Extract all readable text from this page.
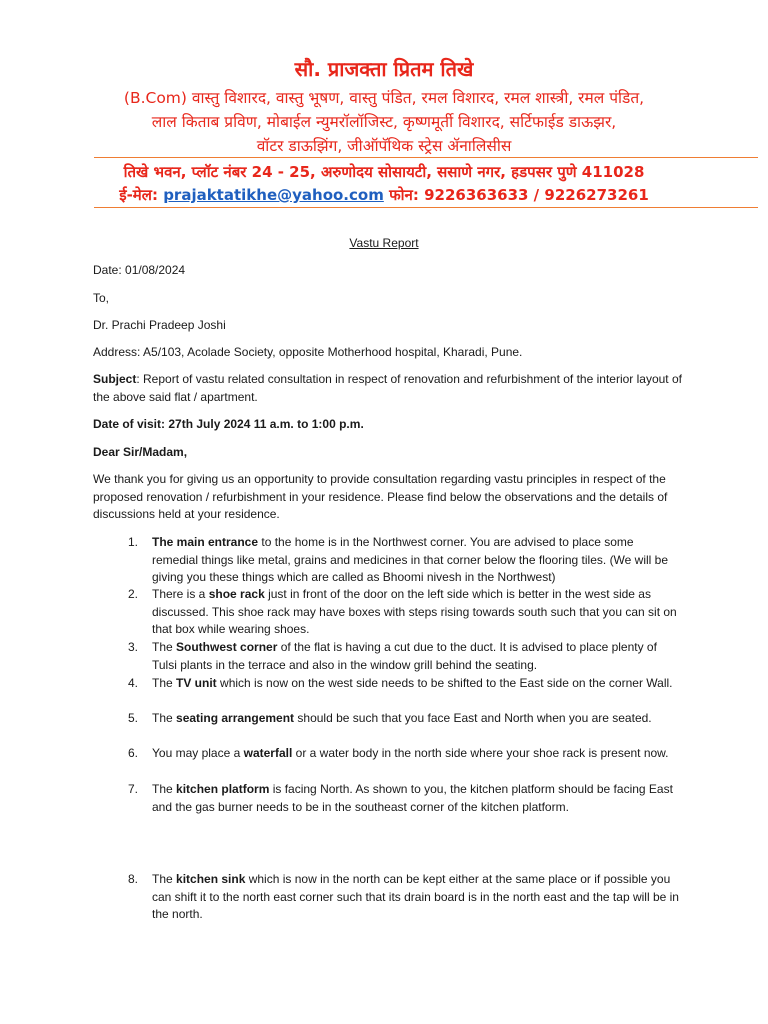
सौ. प्राजक्ता प्रितम तिखे
(B.Com) वास्तु विशारद, वास्तु भूषण, वास्तु पंडित, रमल विशारद, रमल शास्त्री, रमल पंडित,
लाल किताब प्रविण, मोबाईल न्युमरॉलॉजिस्ट, कृष्णमूर्ती विशारद, सर्टिफाईड डाऊझर,
वॉटर डाऊझिंग, जीऑपॅथिक स्ट्रेस ॲनालिसीस
तिखे भवन, प्लॉट नंबर 24 - 25, अरुणोदय सोसायटी, ससाणे नगर, हडपसर पुणे 411028
ई-मेल: prajaktatikhe@yahoo.com फोन: 9226363633 / 9226273261
Vastu Report
Date: 01/08/2024
To,
Dr. Prachi Pradeep Joshi
Address: A5/103, Acolade Society, opposite Motherhood hospital, Kharadi, Pune.
Subject: Report of vastu related consultation in respect of renovation and refurbishment of the interior layout of the above said flat / apartment.
Date of visit: 27th July 2024 11 a.m. to 1:00 p.m.
Dear Sir/Madam,
We thank you for giving us an opportunity to provide consultation regarding vastu principles in respect of the proposed renovation / refurbishment in your residence. Please find below the observations and the details of discussions held at your residence.
1.	The main entrance to the home is in the Northwest corner. You are advised to place some remedial things like metal, grains and medicines in that corner below the flooring tiles. (We will be giving you these things which are called as Bhoomi nivesh in the Northwest)
2.	There is a shoe rack just in front of the door on the left side which is better in the west side as discussed. This shoe rack may have boxes with steps rising towards south such that you can sit on that box while wearing shoes.
3.	The Southwest corner of the flat is having a cut due to the duct. It is advised to place plenty of Tulsi plants in the terrace and also in the window grill behind the seating.
4.	The TV unit which is now on the west side needs to be shifted to the East side on the corner Wall.
5.	The seating arrangement should be such that you face East and North when you are seated.
6.	You may place a waterfall or a water body in the north side where your shoe rack is present now.
7.	The kitchen platform is facing North. As shown to you, the kitchen platform should be facing East and the gas burner needs to be in the southeast corner of the kitchen platform.
8.	The kitchen sink which is now in the north can be kept either at the same place or if possible you can shift it to the north east corner such that its drain board is in the north east and the tap will be in the north.
